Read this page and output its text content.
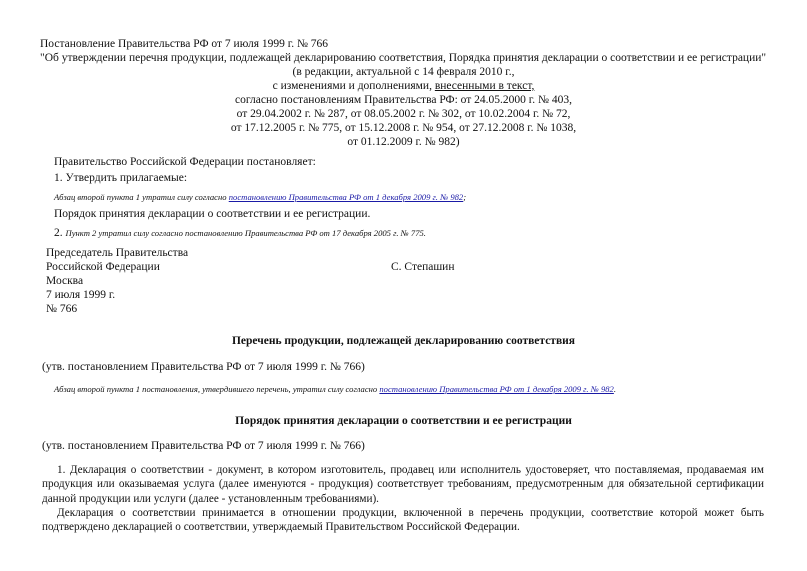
Постановление Правительства РФ от 7 июля 1999 г. № 766
"Об утверждении перечня продукции, подлежащей декларированию соответствия, Порядка принятия декларации о соответствии и ее регистрации"
(в редакции, актуальной с 14 февраля 2010 г.,
с изменениями и дополнениями, внесенными в текст,
согласно постановлениям Правительства РФ: от 24.05.2000 г. № 403,
от 29.04.2002 г. № 287, от 08.05.2002 г. № 302, от 10.02.2004 г. № 72,
от 17.12.2005 г. № 775, от 15.12.2008 г. № 954, от 27.12.2008 г. № 1038,
от 01.12.2009 г. № 982)
Правительство Российской Федерации постановляет:
1. Утвердить прилагаемые:
Абзац второй пункта 1 утратил силу согласно постановлению Правительства РФ от 1 декабря 2009 г. № 982;
Порядок принятия декларации о соответствии и ее регистрации.
2. Пункт 2 утратил силу согласно постановлению Правительства РФ от 17 декабря 2005 г. № 775.
Председатель Правительства
Российской Федерации	С. Степашин
Москва
7 июля 1999 г.
№ 766
Перечень продукции, подлежащей декларированию соответствия
(утв. постановлением Правительства РФ от 7 июля 1999 г. № 766)
Абзац второй пункта 1 постановления, утвердившего перечень, утратил силу согласно постановлению Правительства РФ от 1 декабря 2009 г. № 982.
Порядок принятия декларации о соответствии и ее регистрации
(утв. постановлением Правительства РФ от 7 июля 1999 г. № 766)
1. Декларация о соответствии - документ, в котором изготовитель, продавец или исполнитель удостоверяет, что поставляемая, продаваемая им продукция или оказываемая услуга (далее именуются - продукция) соответствует требованиям, предусмотренным для обязательной сертификации данной продукции или услуги (далее - установленным требованиями).
Декларация о соответствии принимается в отношении продукции, включенной в перечень продукции, соответствие которой может быть подтверждено декларацией о соответствии, утверждаемый Правительством Российской Федерации.
